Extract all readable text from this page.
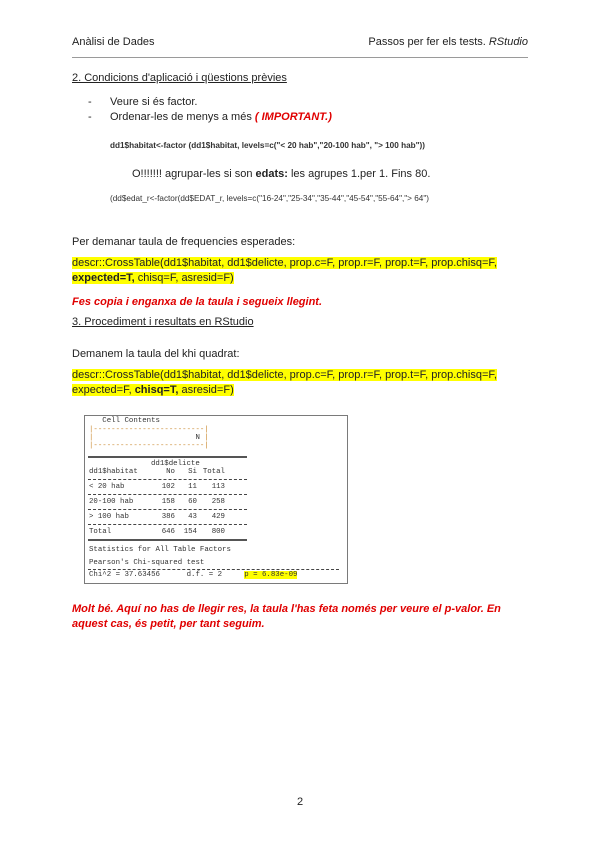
Anàlisi de Dades	Passos per fer els tests. RStudio
2. Condicions d'aplicació i qüestions prèvies
- Veure si és factor.
- Ordenar-les de menys a més ( IMPORTANT.)
dd1$habitat<-factor (dd1$habitat, levels=c("< 20 hab","20-100 hab", "> 100 hab"))
O!!!!!!! agrupar-les si son edats: les agrupes 1.per 1. Fins 80.
(dd$edat_r<-factor(dd$EDAT_r, levels=c("16-24","25-34","35-44","45-54","55-64","> 64")
Per demanar taula de frequencies esperades:
descr::CrossTable(dd1$habitat, dd1$delicte, prop.c=F, prop.r=F, prop.t=F, prop.chisq=F,
expected=T, chisq=F, asresid=F)
Fes copia i enganxa de la taula i segueix llegint.
3. Procediment i resultats en RStudio
Demanem la taula del khi quadrat:
descr::CrossTable(dd1$habitat, dd1$delicte, prop.c=F, prop.r=F, prop.t=F, prop.chisq=F,
expected=F, chisq=T, asresid=F)
Cell Contents
|-------------------------|
|                       N |
|-------------------------|
dd1$delicte
dd1$habitat	No Si Total
< 20 hab	102 11 113
20-100 hab	158 60 258
> 100 hab	386 43 429
Total	646 154 800
Statistics for All Table Factors
Pearson's Chi-squared test
Chi^2 = 37.63456      d.f. = 2	p = 6.83e-09
Molt bé. Aquí no has de llegir res, la taula l'has feta només per veure el p-valor. En aquest cas, és petit, per tant seguim.
2
